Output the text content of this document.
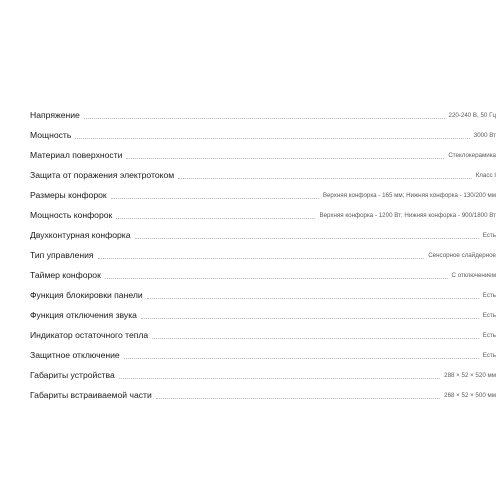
Напряжение	220-240 В, 50 Гц
Мощность	3000 Вт
Материал поверхности	Стеклокерамика
Защита от поражения электротоком	Класс I
Размеры конфорок	Верхняя конфорка - 165 мм; Нижняя конфорка - 130/200 мм
Мощность конфорок	Верхняя конфорка - 1200 Вт; Нижняя конфорка - 900/1800 Вт
Двухконтурная конфорка	Есть
Тип управления	Сенсорное слайдерное
Таймер конфорок	С отключением
Функция блокировки панели	Есть
Функция отключения звука	Есть
Индикатор остаточного тепла	Есть
Защитное отключение	Есть
Габариты устройства	288 × 52 × 520 мм
Габариты встраиваемой части	268 × 52 × 500 мм
